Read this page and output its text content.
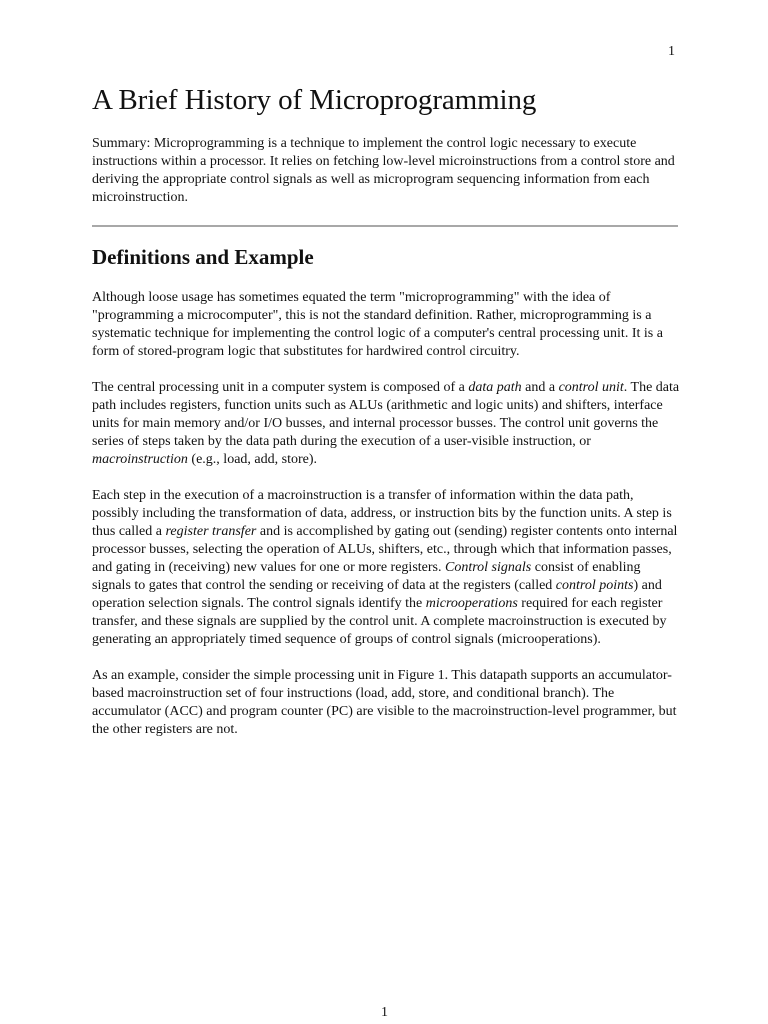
1
A Brief History of Microprogramming

Summary: Microprogramming is a technique to implement the control logic necessary to execute instructions within a processor. It relies on fetching low-level microinstructions from a control store and deriving the appropriate control signals as well as microprogram sequencing information from each microinstruction.

Definitions and Example

Although loose usage has sometimes equated the term "microprogramming" with the idea of "programming a microcomputer", this is not the standard definition. Rather, microprogramming is a systematic technique for implementing the control logic of a computer's central processing unit. It is a form of stored-program logic that substitutes for hardwired control circuitry.

The central processing unit in a computer system is composed of a data path and a control unit. The data path includes registers, function units such as ALUs (arithmetic and logic units) and shifters, interface units for main memory and/or I/O busses, and internal processor busses. The control unit governs the series of steps taken by the data path during the execution of a user-visible instruction, or macroinstruction (e.g., load, add, store).

Each step in the execution of a macroinstruction is a transfer of information within the data path, possibly including the transformation of data, address, or instruction bits by the function units. A step is thus called a register transfer and is accomplished by gating out (sending) register contents onto internal processor busses, selecting the operation of ALUs, shifters, etc., through which that information passes, and gating in (receiving) new values for one or more registers. Control signals consist of enabling signals to gates that control the sending or receiving of data at the registers (called control points) and operation selection signals. The control signals identify the microoperations required for each register transfer, and these signals are supplied by the control unit. A complete macroinstruction is executed by generating an appropriately timed sequence of groups of control signals (microoperations).

As an example, consider the simple processing unit in Figure 1. This datapath supports an accumulator-based macroinstruction set of four instructions (load, add, store, and conditional branch). The accumulator (ACC) and program counter (PC) are visible to the macroinstruction-level programmer, but the other registers are not.

1
